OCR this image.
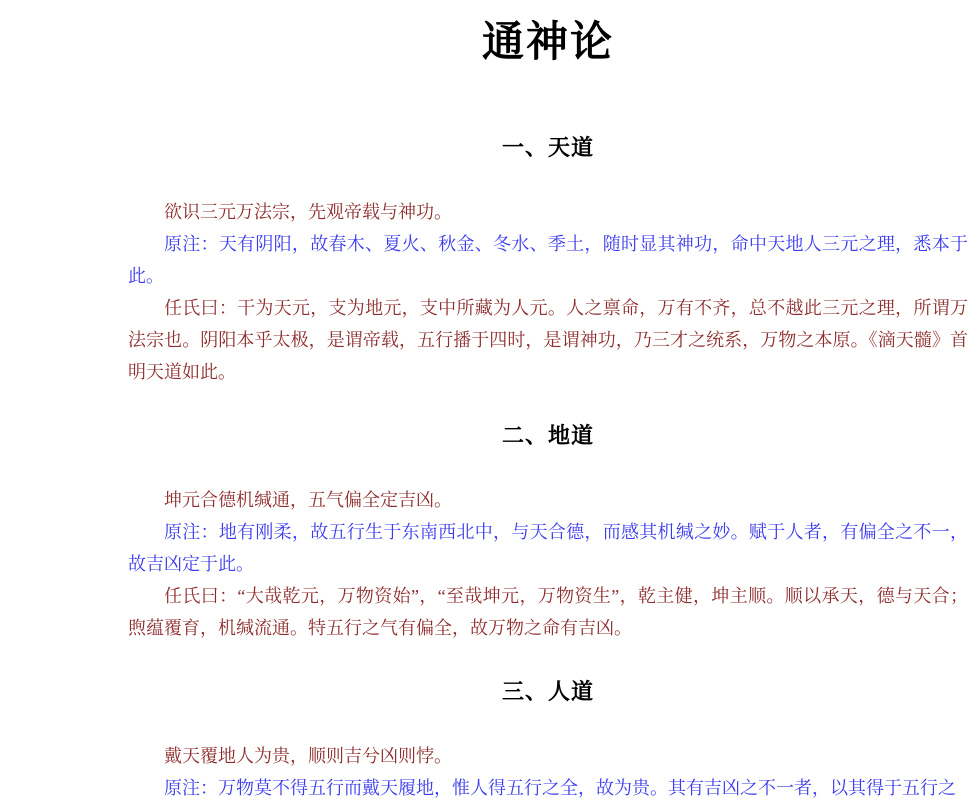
通神论
一、天道

欲识三元万法宗，先观帝载与神功。

原注：天有阴阳，故春木、夏火、秋金、冬水、季土，随时显其神功，命中天地人三元之理，悉本于此。

任氏曰：干为天元，支为地元，支中所藏为人元。人之禀命，万有不齐，总不越此三元之理，所谓万法宗也。阴阳本乎太极，是谓帝载，五行播于四时，是谓神功，乃三才之统系，万物之本原。《滴天髓》首明天道如此。

二、地道

坤元合德机缄通，五气偏全定吉凶。

原注：地有刚柔，故五行生于东南西北中，与天合德，而感其机缄之妙。赋于人者，有偏全之不一，故吉凶定于此。

任氏曰：“大哉乾元，万物资始”，“至哉坤元，万物资生”，乾主健，坤主顺。顺以承天，德与天合；煦蕴覆育，机缄流通。特五行之气有偏全，故万物之命有吉凶。

三、人道

戴天覆地人为贵，顺则吉兮凶则悖。

原注：万物莫不得五行而戴天履地，惟人得五行之全，故为贵。其有吉凶之不一者，以其得于五行之
